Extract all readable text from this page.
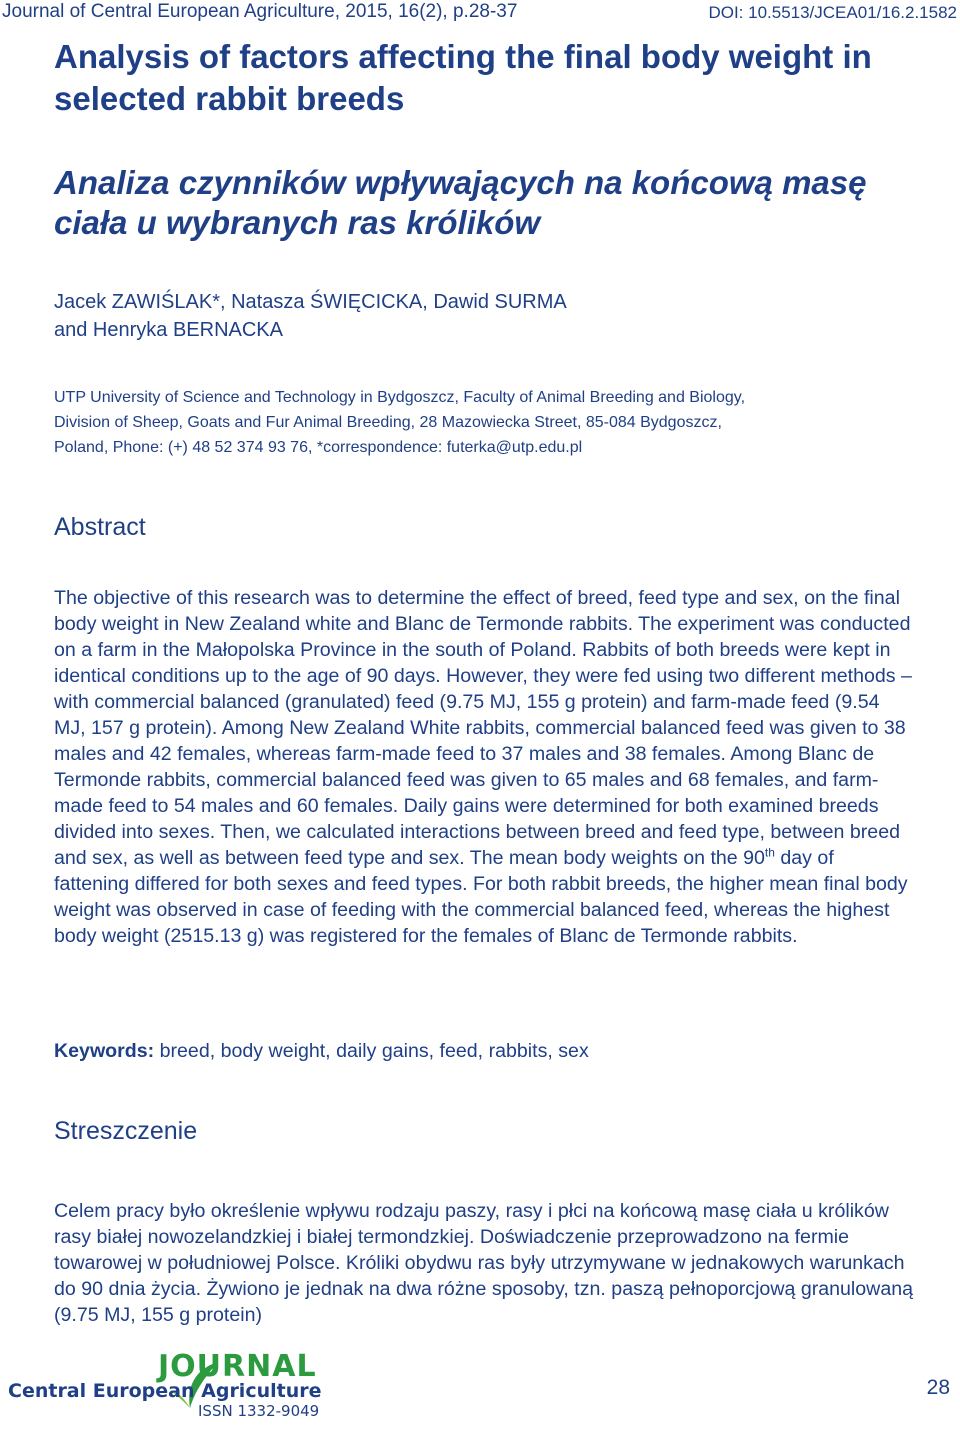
Journal of Central European Agriculture, 2015, 16(2), p.28-37	DOI: 10.5513/JCEA01/16.2.1582
Analysis of factors affecting the final body weight in selected rabbit breeds
Analiza czynników wpływających na końcową masę ciała u wybranych ras królików
Jacek ZAWIŚLAK*, Natasza ŚWIĘCICKA, Dawid SURMA
and Henryka BERNACKA
UTP University of Science and Technology in Bydgoszcz, Faculty of Animal Breeding and Biology,
Division of Sheep, Goats and Fur Animal Breeding, 28 Mazowiecka Street, 85-084 Bydgoszcz,
Poland, Phone: (+) 48 52 374 93 76, *correspondence: futerka@utp.edu.pl
Abstract

The objective of this research was to determine the effect of breed, feed type and sex, on the final body weight in New Zealand white and Blanc de Termonde rabbits. The experiment was conducted on a farm in the Małopolska Province in the south of Poland. Rabbits of both breeds were kept in identical conditions up to the age of 90 days. However, they were fed using two different methods – with commercial balanced (granulated) feed (9.75 MJ, 155 g protein) and farm-made feed (9.54 MJ, 157 g protein). Among New Zealand White rabbits, commercial balanced feed was given to 38 males and 42 females, whereas farm-made feed to 37 males and 38 females. Among Blanc de Termonde rabbits, commercial balanced feed was given to 65 males and 68 females, and farm-made feed to 54 males and 60 females. Daily gains were determined for both examined breeds divided into sexes. Then, we calculated interactions between breed and feed type, between breed and sex, as well as between feed type and sex. The mean body weights on the 90th day of fattening differed for both sexes and feed types. For both rabbit breeds, the higher mean final body weight was observed in case of feeding with the commercial balanced feed, whereas the highest body weight (2515.13 g) was registered for the females of Blanc de Termonde rabbits.

Keywords: breed, body weight, daily gains, feed, rabbits, sex

Streszczenie

Celem pracy było określenie wpływu rodzaju paszy, rasy i płci na końcową masę ciała u królików rasy białej nowozelandzkiej i białej termondzkiej. Doświadczenie przeprowadzono na fermie towarowej w południowej Polsce. Króliki obydwu ras były utrzymywane w jednakowych warunkach do 90 dnia życia. Żywiono je jednak na dwa różne sposoby, tzn. paszą pełnoporcjową granulowaną (9.75 MJ, 155 g protein)

JOURNAL
Central European Agriculture
ISSN 1332-9049
28
